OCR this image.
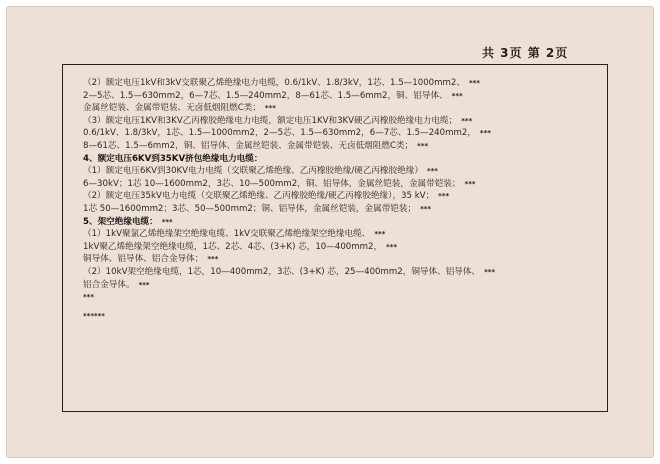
共 3页 第 2页
（2）额定电压1kV和3kV交联聚乙烯绝缘电力电缆，0.6/1kV、1.8/3kV，1芯、1.5—1000mm2、 ***
2—5芯、1.5—630mm2，6—7芯、1.5—240mm2，8—61芯、1.5—6mm2，铜、铝导体、 ***
金属丝铠装、金属带铠装、无卤低烟阻燃C类； ***
（3）额定电压1KV和3KV乙丙橡胶绝缘电力电缆，额定电压1KV和3KV硬乙丙橡胶绝缘电力电缆； ***
0.6/1kV、1.8/3kV，1芯、1.5—1000mm2，2—5芯、1.5—630mm2，6—7芯、1.5—240mm2， ***
8—61芯、1.5—6mm2，铜、铝导体、金属丝铠装、金属带铠装、无卤低烟阻燃C类； ***
4、额定电压6KV到35KV挤包绝缘电力电缆：
（1）额定电压6KV到30KV电力电缆（交联聚乙烯绝缘、乙丙橡胶绝缘/硬乙丙橡胶绝缘） ***
6—30kV；1芯 10—1600mm2，3芯、10—500mm2，铜、铝导体，金属丝铠装，金属带铠装； ***
（2）额定电压35kV电力电缆（交联聚乙烯绝缘、乙丙橡胶绝缘/硬乙丙橡胶绝缘），35 kV； ***
1芯 50—1600mm2；3芯、50—500mm2；铜、铝导体，金属丝铠装，金属带铠装； ***
5、架空绝缘电缆： ***
（1）1kV聚氯乙烯绝缘架空绝缘电缆、1kV交联聚乙烯绝缘架空绝缘电缆、 ***
1kV聚乙烯绝缘架空绝缘电缆，1芯、2芯、4芯、(3+K) 芯，10—400mm2， ***
铜导体、铝导体、铝合金导体； ***
（2）10kV架空绝缘电缆，1芯，10—400mm2，3芯、(3+K) 芯，25—400mm2，铜导体、铝导体、 ***
铝合金导体。 ***
***
******
